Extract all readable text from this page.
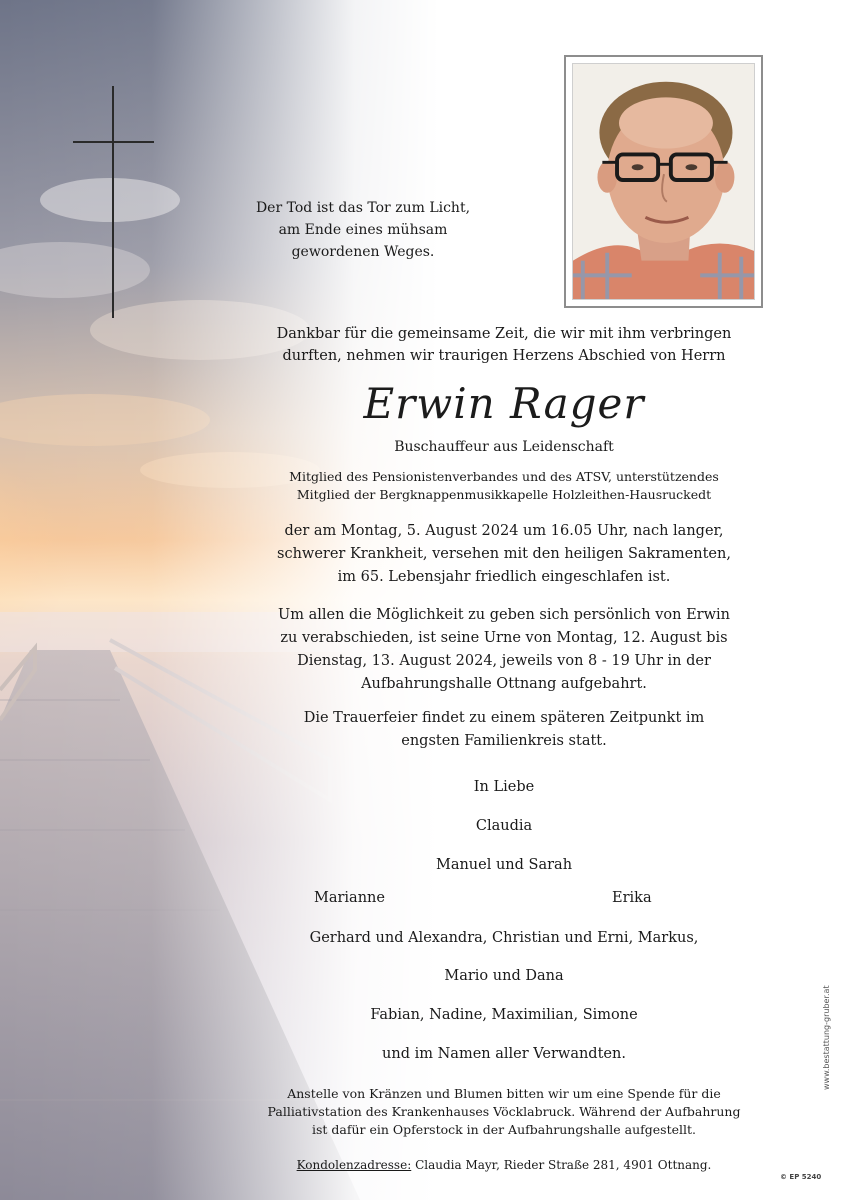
Der Tod ist das Tor zum Licht,
am Ende eines mühsam
gewordenen Weges.
Dankbar für die gemeinsame Zeit, die wir mit ihm verbringen
durften, nehmen wir traurigen Herzens Abschied von Herrn
Erwin Rager
Buschauffeur aus Leidenschaft
Mitglied des Pensionistenverbandes und des ATSV, unterstützendes
Mitglied der Bergknappenmusikkapelle Holzleithen-Hausruckedt
der am Montag, 5. August 2024 um 16.05 Uhr, nach langer,
schwerer Krankheit, versehen mit den heiligen Sakramenten,
im 65. Lebensjahr friedlich eingeschlafen ist.
Um allen die Möglichkeit zu geben sich persönlich von Erwin
zu verabschieden, ist seine Urne von Montag, 12. August bis
Dienstag, 13. August 2024, jeweils von 8 - 19 Uhr in der
Aufbahrungshalle Ottnang aufgebahrt.
Die Trauerfeier findet zu einem späteren Zeitpunkt im
engsten Familienkreis statt.
In Liebe
Claudia
Manuel und Sarah
Marianne	Erika
Gerhard und Alexandra, Christian und Erni, Markus,
Mario und Dana
Fabian, Nadine, Maximilian, Simone
und im Namen aller Verwandten.
Anstelle von Kränzen und Blumen bitten wir um eine Spende für die
Palliativstation des Krankenhauses Vöcklabruck. Während der Aufbahrung
ist dafür ein Opferstock in der Aufbahrungshalle aufgestellt.
Kondolenzadresse: Claudia Mayr, Rieder Straße 281, 4901 Ottnang.
www.bestattung-gruber.at
© EP 5240
